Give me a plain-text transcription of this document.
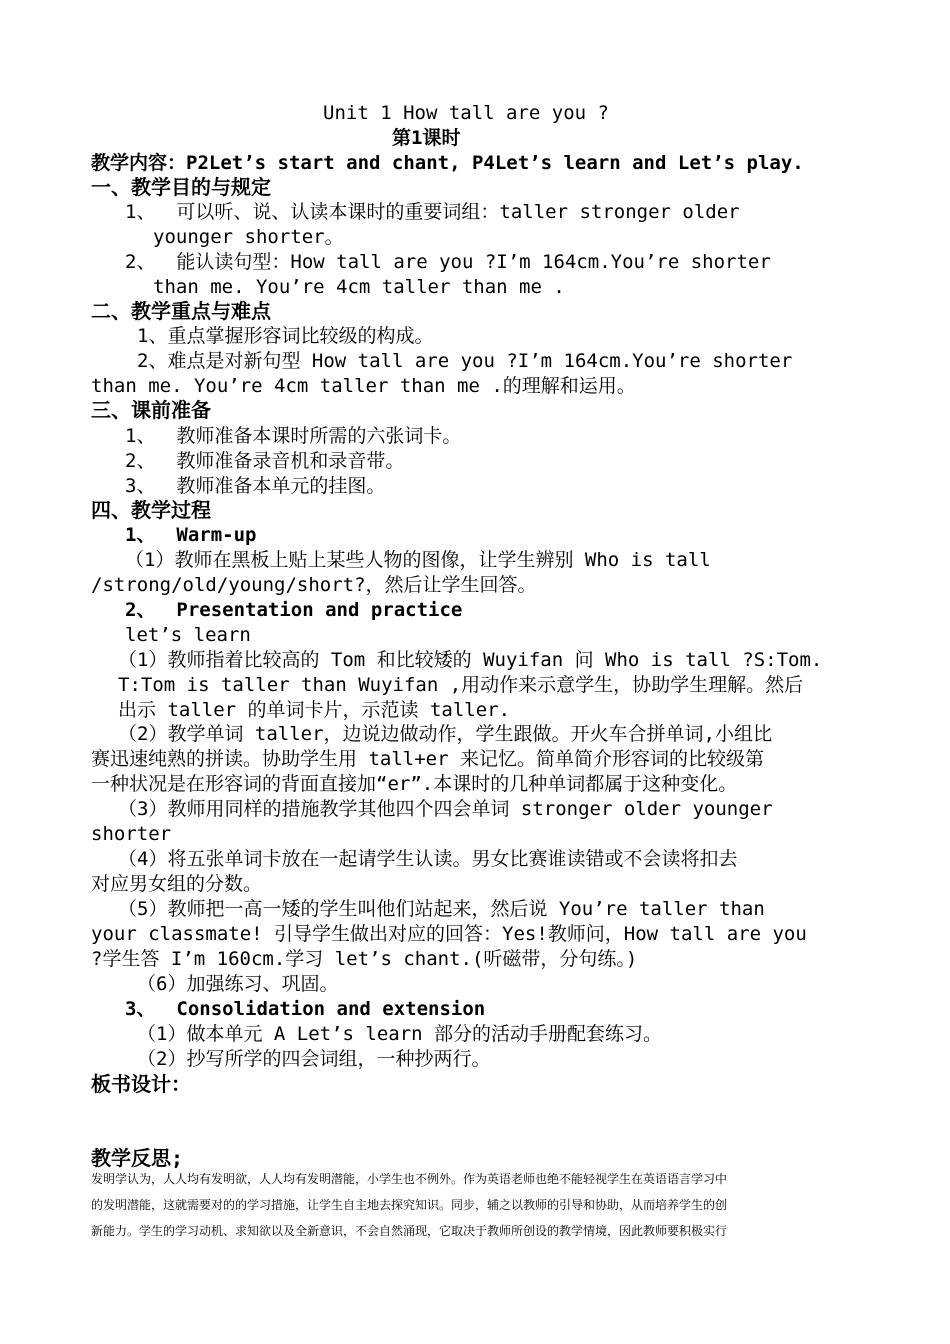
Unit 1 How tall are you ?
第1课时
教学内容：P2Let’s start and chant, P4Let’s learn and Let’s play.
一、教学目的与规定
1、　 可以听、说、认读本课时的重要词组：taller stronger older
younger shorter。
2、　 能认读句型：How tall are you ?I’m 164cm.You’re shorter
than me. You’re 4cm taller than me .
二、教学重点与难点
1、重点掌握形容词比较级的构成。
2、难点是对新句型 How tall are you ?I’m 164cm.You’re shorter
than me. You’re 4cm taller than me .的理解和运用。
三、课前准备
1、　 教师准备本课时所需的六张词卡。
2、　 教师准备录音机和录音带。
3、　 教师准备本单元的挂图。
四、教学过程
1、　 Warm-up
（1）教师在黑板上贴上某些人物的图像，让学生辨别 Who is tall
/strong/old/young/short?，然后让学生回答。
2、　 Presentation and practice
let’s learn
（1）教师指着比较高的 Tom 和比较矮的 Wuyifan 问 Who is tall ?S:Tom.
T:Tom is taller than Wuyifan ,用动作来示意学生，协助学生理解。然后
出示 taller 的单词卡片，示范读 taller.
（2）教学单词 taller，边说边做动作，学生跟做。开火车合拼单词,小组比
赛迅速纯熟的拼读。协助学生用 tall+er 来记忆。简单简介形容词的比较级第
一种状况是在形容词的背面直接加“er”.本课时的几种单词都属于这种变化。
（3）教师用同样的措施教学其他四个四会单词 stronger older younger
shorter
（4）将五张单词卡放在一起请学生认读。男女比赛谁读错或不会读将扣去
对应男女组的分数。
（5）教师把一高一矮的学生叫他们站起来，然后说 You’re taller than
your classmate! 引导学生做出对应的回答：Yes!教师问，How tall are you
?学生答 I’m 160cm.学习 let’s chant.(听磁带，分句练。)
（6）加强练习、巩固。
3、　 Consolidation and extension
（1）做本单元 A Let’s learn 部分的活动手册配套练习。
（2）抄写所学的四会词组，一种抄两行。
板书设计：
教学反思;
发明学认为，人人均有发明欲，人人均有发明潜能，小学生也不例外。作为英语老师也绝不能轻视学生在英语语言学习中
的发明潜能，这就需要对的的学习措施，让学生自主地去探究知识。同步，辅之以教师的引导和协助，从而培养学生的创
新能力。学生的学习动机、求知欲以及全新意识，不会自然涌现，它取决于教师所创设的教学情境，因此教师要积极实行
